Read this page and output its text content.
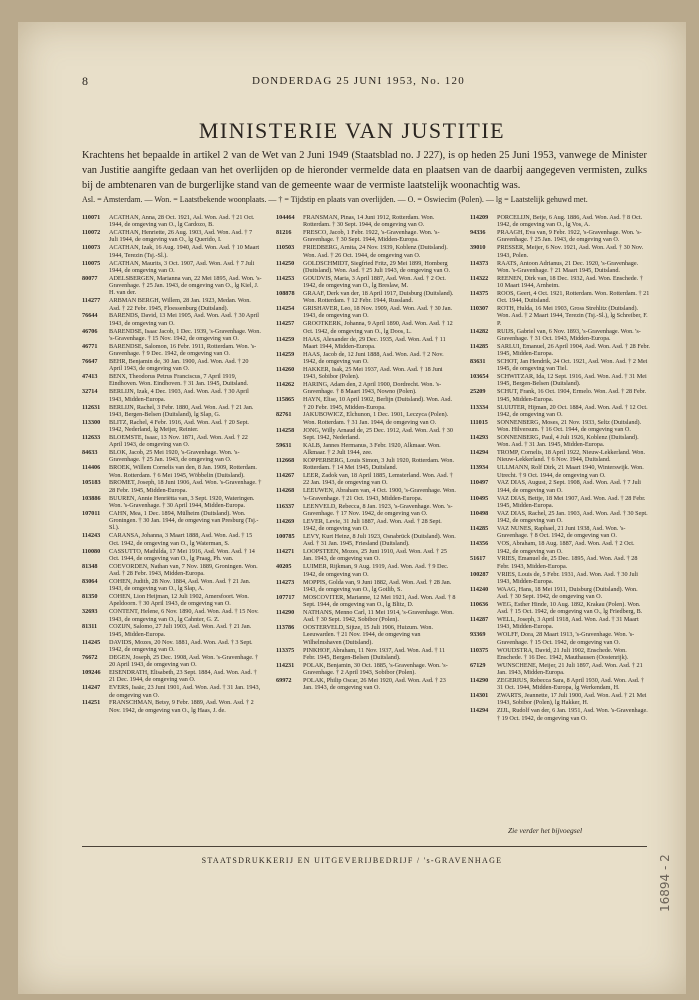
8	DONDERDAG 25 JUNI 1953, No. 120
MINISTERIE VAN JUSTITIE
Krachtens het bepaalde in artikel 2 van de Wet van 2 Juni 1949 (Staatsblad no. J 227), is op heden 25 Juni 1953, vanwege de Minister van Justitie aangifte gedaan van het overlijden op de hieronder vermelde data en plaatsen van de daarbij aangegeven vermisten, zulks bij de ambtenaren van de burgerlijke stand van de gemeente waar de vermiste laatstelijk woonachtig was.
Asl. = Amsterdam. — Won. = Laatstbekende woonplaats. — † = Tijdstip en plaats van overlijden. — O. = Oswiecim (Polen). — lg = Laatstelijk gehuwd met.
110071	ACATHAN, Anna, 28 Oct. 1921, Asl. Won. Asd. † 21 Oct. 1944, de omgeving van O., lg Cardozo, B.
110072	ACATHAN, Henriette, 26 Aug. 1903, Asd. Won. Asd. † 7 Juli 1944, de omgeving van O., lg Querido, I.
110073	ACATHAN, Izak, 16 Aug. 1940, Asd. Won. Asd. † 10 Maart 1944, Terezin (Tsj.-Sl.).
110075	ACATHAN, Maurits, 3 Oct. 1907, Asd. Won. Asd. † 7 Juli 1944, de omgeving van O.
80077	ADELSBERGEN, Marianna van, 22 Mei 1895, Asd. Won. 's-Gravenhage. † 25 Jan. 1943, de omgeving van O., lg Kiel, J. H. van der.
114277	ARBMAN BERGH, Willem, 28 Jan. 1923, Medan. Won. Asd. † 22 Febr. 1945, Floessenburg (Duitsland).
76644	BARENDS, David, 13 Mei 1905, Asd. Won. Asd. † 30 April 1943, de omgeving van O.
46706	BARENDSE, Isaac Jacob, 1 Dec. 1939, 's-Gravenhage. Won. 's-Gravenhage. † 15 Nov. 1942, de omgeving van O.
46771	BARENDSE, Salomon, 16 Febr. 1911, Rotterdam. Won. 's-Gravenhage. † 9 Dec. 1942, de omgeving van O.
76647	BEHR, Benjamin de, 30 Jan. 1900, Asd. Won. Asd. † 20 April 1943, de omgeving van O.
47413	BENX, Theodorus Petrus Franciscus, 7 April 1919, Eindhoven. Won. Eindhoven. † 31 Jan. 1945, Duitsland.
32714	BERLIJN, Izak, 4 Dec. 1903, Asd. Won. Asd. † 30 April 1943, Midden-Europa.
112631	BERLIJN, Rachel, 3 Febr. 1880, Asd. Won. Asd. † 21 Jan. 1943, Bergen-Belsen (Duitsland), lg Slap, G.
113300	BLITZ, Rachel, 4 Febr. 1916, Asd. Won. Asd. † 20 Sept. 1942, Nederland, lg Meijer, Reinier.
112633	BLOEMSTE, Isaac, 13 Nov. 1871, Asd. Won. Asd. † 22 April 1943, de omgeving van O.
84633	BLOK, Jacob, 25 Mei 1920, 's-Gravenhage. Won. 's-Gravenhage. † 25 Jan. 1943, de omgeving van O.
114406	BROEK, Willem Cornelis van den, 8 Jan. 1909, Rotterdam. Won. Rotterdam. † 6 Mei 1945, Wöbbelin (Duitsland).
105183	BROMET, Joseph, 18 Juni 1906, Asd. Won. 's-Gravenhage. † 28 Febr. 1945, Midden-Europa.
103886	BUUREN, Annie Henriëtta van, 3 Sept. 1920, Wateringen. Won. 's-Gravenhage. † 30 April 1944, Midden-Europa.
107011	CAHN, Mea, 1 Dec. 1894, Mülheim (Duitsland). Won. Groningen. † 30 Jan. 1944, de omgeving van Presburg (Tsj.-Sl.).
114243	CARANSA, Johanna, 3 Maart 1888, Asd. Won. Asd. † 15 Oct. 1942, de omgeving van O., lg Waterman, S.
110080	CASSUTTO, Mathilda, 17 Mei 1916, Asd. Won. Asd. † 14 Oct. 1944, de omgeving van O., lg Praag, Ph. van.
81348	COEVORDEN, Nathan van, 7 Nov. 1889, Groningen. Won. Asd. † 28 Febr. 1943, Midden-Europa.
83064	COHEN, Judith, 28 Nov. 1884, Asd. Won. Asd. † 21 Jan. 1943, de omgeving van O., lg Slap, A.
81350	COHEN, Lion Heijman, 12 Juli 1902, Amersfoort. Won. Apeldoorn. † 30 April 1943, de omgeving van O.
32693	CONTENT, Helene, 6 Nov. 1890, Asd. Won. Asd. † 15 Nov. 1943, de omgeving van O., lg Cahnter, G. Z.
81311	COZIJN, Salomo, 27 Juli 1903, Asd. Won. Asd. † 21 Jan. 1945, Midden-Europa.
114245	DAVIDS, Mozes, 20 Nov. 1881, Asd. Won. Asd. † 3 Sept. 1942, de omgeving van O.
76672	DEGEN, Joseph, 25 Dec. 1908, Asd. Won. 's-Gravenhage. † 20 April 1943, de omgeving van O.
109246	EISENDRATH, Elisabeth, 23 Sept. 1884, Asd. Won. Asd. † 21 Dec. 1944, de omgeving van O.
114247	EVERS, Isaäc, 23 Juni 1901, Asd. Won. Asd. † 31 Jan. 1943, de omgeving van O.
114251	FRANSCHMAN, Betsy, 9 Febr. 1889, Asd. Won. Asd. † 2 Nov. 1942, de omgeving van O., lg Haas, J. de.
104464	FRANSMAN, Pinas, 14 Juni 1912, Rotterdam. Won. Rotterdam. † 30 Sept. 1944, de omgeving van O.
81216	FRESCO, Jacob, 1 Febr. 1922, 's-Gravenhage. Won. 's-Gravenhage. † 30 Sept. 1944, Midden-Europa.
110503	FRIEDBERG, Arnita, 24 Nov. 1939, Koblenz (Duitsland). Won. Asd. † 26 Oct. 1944, de omgeving van O.
114250	GOLDSCHMIDT, Siegfried Fritz, 29 Mei 1899, Homberg (Duitsland). Won. Asd. † 25 Juli 1943, de omgeving van O.
114253	GOUDVIS, Maria, 3 April 1887, Asd. Won. Asd. † 2 Oct. 1942, de omgeving van O., lg Breslaw, M.
108878	GRAAF, Derk van der, 18 April 1917, Duisburg (Duitsland). Won. Rotterdam. † 12 Febr. 1944, Russland.
114254	GRISHAVER, Leo, 18 Nov. 1909, Asd. Won. Asd. † 30 Jan. 1943, de omgeving van O.
114257	GROOTKERK, Johanna, 9 April 1890, Asd. Won. Asd. † 12 Oct. 1942, de omgeving van O., lg Doos, L.
114259	HAAS, Alexander de, 29 Dec. 1935, Asd. Won. Asd. † 11 Maart 1944, Midden-Europa.
114259	HAAS, Jacob de, 12 Juni 1888, Asd. Won. Asd. † 2 Nov. 1942, de omgeving van O.
114260	HAKKER, Isak, 25 Mei 1937, Asd. Won. Asd. † 18 Juni 1943, Sobibor (Polen).
114262	HARING, Adam den, 2 April 1900, Dordrecht. Won. 's-Gravenhage. † 8 Maart 1943, Nowno (Polen).
115865	HAYN, Elise, 10 April 1902, Berlijn (Duitsland). Won. Asd. † 20 Febr. 1945, Midden-Europa.
82761	JAKUBOWICZ, Elchunon, 1 Dec. 1901, Leczyca (Polen). Won. Rotterdam. † 31 Jan. 1944, de omgeving van O.
114258	JONG, Willy Arnaud de, 25 Dec. 1912, Asd. Won. Asd. † 30 Sept. 1942, Nederland.
59631	KALB, Jannes Hermanus, 3 Febr. 1920, Alkmaar. Won. Alkmaar. † 2 Juli 1944, zee.
112668	KOPPERBERG, Louis Simon, 3 Juli 1920, Rotterdam. Won. Rotterdam. † 14 Mei 1945, Duitsland.
114267	LEER, Zadok van, 18 April 1885, Lemsterland. Won. Asd. † 22 Jan. 1943, de omgeving van O.
114268	LEEUWEN, Abraham van, 4 Oct. 1900, 's-Gravenhage. Won. 's-Gravenhage. † 21 Oct. 1943, Midden-Europa.
116337	LEENVELD, Rebecca, 8 Jan. 1923, 's-Gravenhage. Won. 's-Gravenhage. † 17 Nov. 1942, de omgeving van O.
114269	LEVER, Levie, 31 Juli 1887, Asd. Won. Asd. † 28 Sept. 1942, de omgeving van O.
100785	LEVY, Kurt Heinz, 8 Juli 1923, Osnabrück (Duitsland). Won. Asd. † 31 Jan. 1945, Friesland (Duitsland).
114271	LOOPSTEEN, Mozes, 25 Juni 1910, Asd. Won. Asd. † 25 Jan. 1943, de omgeving van O.
40205	LUIMER, Rijkman, 9 Aug. 1919, Asd. Won. Asd. † 9 Dec. 1942, de omgeving van O.
114273	MOPPIS, Golda van, 9 Juni 1882, Asd. Won. Asd. † 28 Jan. 1943, de omgeving van O., lg Gotlib, S.
107717	MOSCOVITER, Marianne, 12 Mei 1921, Asd. Won. Asd. † 8 Sept. 1944, de omgeving van O., lg Blitz, D.
114290	NATHANS, Menno Carl, 11 Mei 1914, 's-Gravenhage. Won. Asd. † 30 Sept. 1942, Sobibor (Polen).
113786	OOSTERVELD, Sijtze, 15 Juli 1906, Huizum. Won. Leeuwarden. † 21 Nov. 1944, de omgeving van Wilhelmshaven (Duitsland).
113375	PINKHOF, Abraham, 11 Nov. 1937, Asd. Won. Asd. † 11 Febr. 1945, Bergen-Belsen (Duitsland).
114231	POLAK, Benjamin, 30 Oct. 1885, 's-Gravenhage. Won. 's-Gravenhage. † 2 April 1943, Sobibor (Polen).
69972	POLAK, Philip Oscar, 26 Mei 1920, Asd. Won. Asd. † 23 Jan. 1943, de omgeving van O.
114209	PORCELIJN, Betje, 6 Aug. 1886, Asd. Won. Asd. † 8 Oct. 1942, de omgeving van O., lg Vos, A.
94336	PRAAGH, Eva van, 9 Febr. 1922, 's-Gravenhage. Won. 's-Gravenhage. † 25 Jan. 1943, de omgeving van O.
39010	PRESSER, Meijer, 6 Nov. 1921, Asd. Won. Asd. † 30 Nov. 1943, Polen.
114373	RAATS, Antoon Adrianus, 21 Dec. 1920, 's-Gravenhage. Won. 's-Gravenhage. † 21 Maart 1945, Duitsland.
114322	REENEN, Dirk van, 18 Dec. 1932, Asd. Won. Enschede. † 10 Maart 1944, Arnheim.
114375	ROOS, Geert, 4 Oct. 1921, Rotterdam. Won. Rotterdam. † 21 Oct. 1944, Duitsland.
110307	ROTH, Hulda, 16 Mei 1903, Gross Strehlitz (Duitsland). Won. Asd. † 2 Maart 1944, Terezin (Tsj.-Sl.), lg Schreiber, F. P.
114282	RUIJS, Gabriel van, 6 Nov. 1893, 's-Gravenhage. Won. 's-Gravenhage. † 31 Oct. 1943, Midden-Europa.
114285	SARLUI, Emanuel, 26 April 1904, Asd. Won. Asd. † 28 Febr. 1945, Midden-Europa.
83631	SCHOT, Jan Hendrik, 24 Oct. 1921, Asd. Won. Asd. † 2 Mei 1945, de omgeving van Tiel.
103654	SCHWITZAR, Ida, 12 Sept. 1916, Asd. Won. Asd. † 31 Mei 1945, Bergen-Belsen (Duitsland).
25209	SCHUT, Frank, 16 Oct. 1904, Ermelo. Won. Asd. † 28 Febr. 1945, Midden-Europa.
113334	SLUIJTER, Hijman, 20 Oct. 1884, Asd. Won. Asd. † 12 Oct. 1942, de omgeving van O.
111015	SONNENBERG, Moses, 21 Nov. 1933, Seltz (Duitsland). Won. Hilversum. † 16 Oct. 1944, de omgeving van O.
114293	SONNENBERG, Paul, 4 Juli 1926, Koblenz (Duitsland). Won. Asd. † 31 Jan. 1945, Midden-Europa.
114294	TROMP, Cornelis, 18 April 1922, Nieuw-Lekkerland. Won. Nieuw-Lekkerland. † 6 Nov. 1944, Duitsland.
113934	ULLMANN, Rolf Dirk, 21 Maart 1940, Winterswijk. Won. Utrecht. † 9 Oct. 1944, de omgeving van O.
110497	VAZ DIAS, August, 2 Sept. 1908, Asd. Won. Asd. † 7 Juli 1944, de omgeving van O.
110495	VAZ DIAS, Bettje, 18 Mei 1907, Asd. Won. Asd. † 28 Febr. 1945, Midden-Europa.
110498	VAZ DIAS, Rachel, 25 Jan. 1903, Asd. Won. Asd. † 30 Sept. 1942, de omgeving van O.
114285	VAZ NUNES, Raphael, 21 Juni 1938, Asd. Won. 's-Gravenhage. † 8 Oct. 1942, de omgeving van O.
114356	VOS, Abraham, 18 Aug. 1887, Asd. Won. Asd. † 2 Oct. 1942, de omgeving van O.
51617	VRIES, Emanuel de, 25 Dec. 1895, Asd. Won. Asd. † 28 Febr. 1943, Midden-Europa.
100287	VRIES, Louis de, 5 Febr. 1931, Asd. Won. Asd. † 30 Juli 1943, Midden-Europa.
114240	WAAG, Hans, 18 Mei 1911, Duisburg (Duitsland). Won. Asd. † 30 Sept. 1942, de omgeving van O.
110636	WEG, Esther Hinde, 10 Aug. 1892, Krakau (Polen). Won. Asd. † 15 Oct. 1942, de omgeving van O., lg Friedberg, B.
114287	WELL, Joseph, 3 April 1918, Asd. Won. Asd. † 31 Maart 1943, Midden-Europa.
93369	WOLFF, Dora, 28 Maart 1913, 's-Gravenhage. Won. 's-Gravenhage. † 15 Oct. 1942, de omgeving van O.
110375	WOUDSTRA, David, 21 Juli 1902, Enschede. Won. Enschede. † 16 Dec. 1942, Mauthausen (Oostenrijk).
67129	WUNSCHENE, Meijer, 21 Juli 1897, Asd. Won. Asd. † 21 Jan. 1943, Midden-Europa.
114290	ZEGERIUS, Rebecca Sara, 8 April 1930, Asd. Won. Asd. † 31 Oct. 1944, Midden-Europa, lg Werkendam, H.
114301	ZWARTS, Jeannette, 17 Juli 1900, Asd. Won. Asd. † 21 Mei 1943, Sobibor (Polen), lg Hakker, H.
114294	ZIJL, Rudolf van der, 6 Jan. 1951, Asd. Won. 's-Gravenhage. † 19 Oct. 1942, de omgeving van O.
Zie verder het bijvoegsel
STAATSDRUKKERIJ EN UITGEVERIJBEDRIJF / 's-GRAVENHAGE	16894 - 2
